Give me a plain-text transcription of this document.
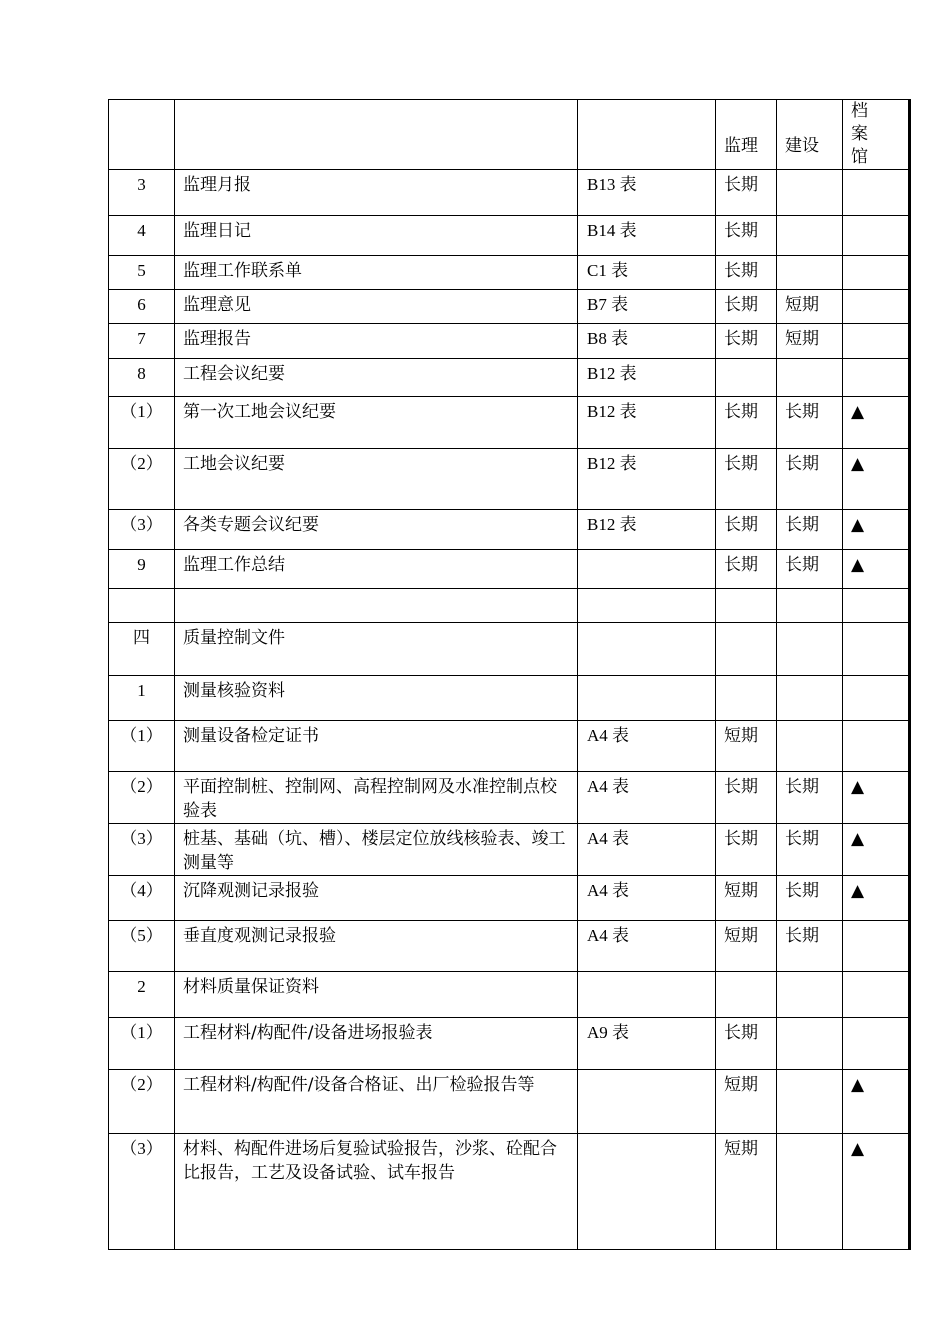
			监理	建设	档 案 馆
3	监理月报	B13 表	长期		
4	监理日记	B14 表	长期		
5	监理工作联系单	C1 表	长期		
6	监理意见	B7 表	长期	短期	
7	监理报告	B8 表	长期	短期	
8	工程会议纪要	B12 表			
（1）	第一次工地会议纪要	B12 表	长期	长期	▲
（2）	工地会议纪要	B12 表	长期	长期	▲
（3）	各类专题会议纪要	B12 表	长期	长期	▲
9	监理工作总结		长期	长期	▲

四	质量控制文件				
1	测量核验资料				
（1）	测量设备检定证书	A4 表	短期		
（2）	平面控制桩、控制网、高程控制网及水准控制点校验表	A4 表	长期	长期	▲
（3）	桩基、基础（坑、槽）、楼层定位放线核验表、竣工测量等	A4 表	长期	长期	▲
（4）	沉降观测记录报验	A4 表	短期	长期	▲
（5）	垂直度观测记录报验	A4 表	短期	长期	
2	材料质量保证资料				
（1）	工程材料/构配件/设备进场报验表	A9 表	长期		
（2）	工程材料/构配件/设备合格证、出厂检验报告等		短期		▲
（3）	材料、构配件进场后复验试验报告，沙浆、砼配合比报告，工艺及设备试验、试车报告		短期		▲
